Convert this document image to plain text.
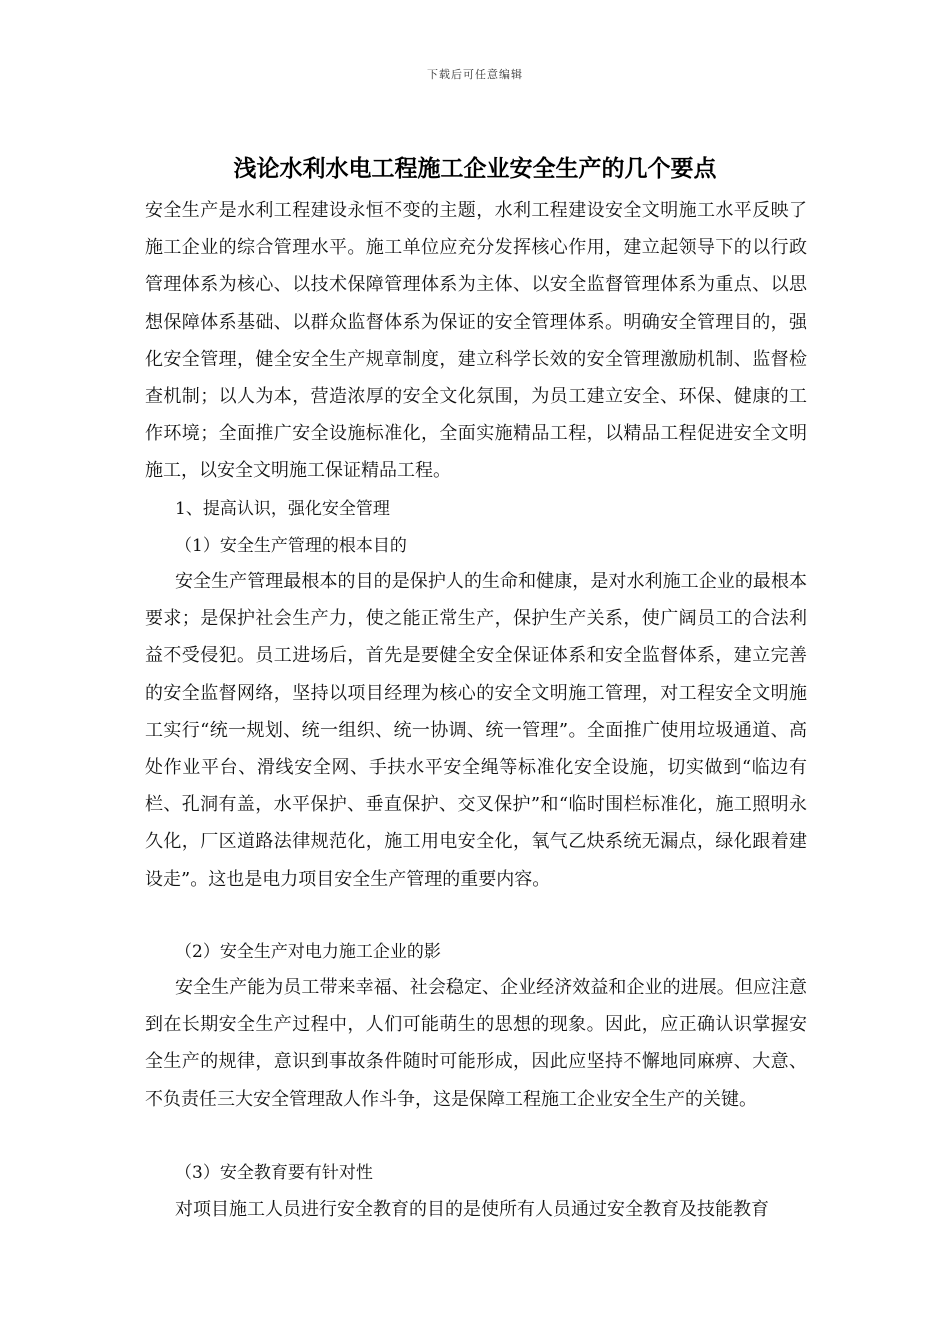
下载后可任意编辑
浅论水利水电工程施工企业安全生产的几个要点
安全生产是水利工程建设永恒不变的主题，水利工程建设安全文明施工水平反映了施工企业的综合管理水平。施工单位应充分发挥核心作用，建立起领导下的以行政管理体系为核心、以技术保障管理体系为主体、以安全监督管理体系为重点、以思想保障体系基础、以群众监督体系为保证的安全管理体系。明确安全管理目的，强化安全管理，健全安全生产规章制度，建立科学长效的安全管理激励机制、监督检查机制；以人为本，营造浓厚的安全文化氛围，为员工建立安全、环保、健康的工作环境；全面推广安全设施标准化，全面实施精品工程，以精品工程促进安全文明施工，以安全文明施工保证精品工程。
1、提高认识，强化安全管理
（1）安全生产管理的根本目的
安全生产管理最根本的目的是保护人的生命和健康，是对水利施工企业的最根本要求；是保护社会生产力，使之能正常生产，保护生产关系，使广阔员工的合法利益不受侵犯。员工进场后，首先是要健全安全保证体系和安全监督体系，建立完善的安全监督网络，坚持以项目经理为核心的安全文明施工管理，对工程安全文明施工实行“统一规划、统一组织、统一协调、统一管理”。全面推广使用垃圾通道、高处作业平台、滑线安全网、手扶水平安全绳等标准化安全设施，切实做到“临边有栏、孔洞有盖，水平保护、垂直保护、交叉保护”和“临时围栏标准化，施工照明永久化，厂区道路法律规范化，施工用电安全化，氧气乙炔系统无漏点，绿化跟着建设走”。这也是电力项目安全生产管理的重要内容。
（2）安全生产对电力施工企业的影
安全生产能为员工带来幸福、社会稳定、企业经济效益和企业的进展。但应注意到在长期安全生产过程中，人们可能萌生的思想的现象。因此，应正确认识掌握安全生产的规律，意识到事故条件随时可能形成，因此应坚持不懈地同麻痹、大意、不负责任三大安全管理敌人作斗争，这是保障工程施工企业安全生产的关键。
（3）安全教育要有针对性
对项目施工人员进行安全教育的目的是使所有人员通过安全教育及技能教育
